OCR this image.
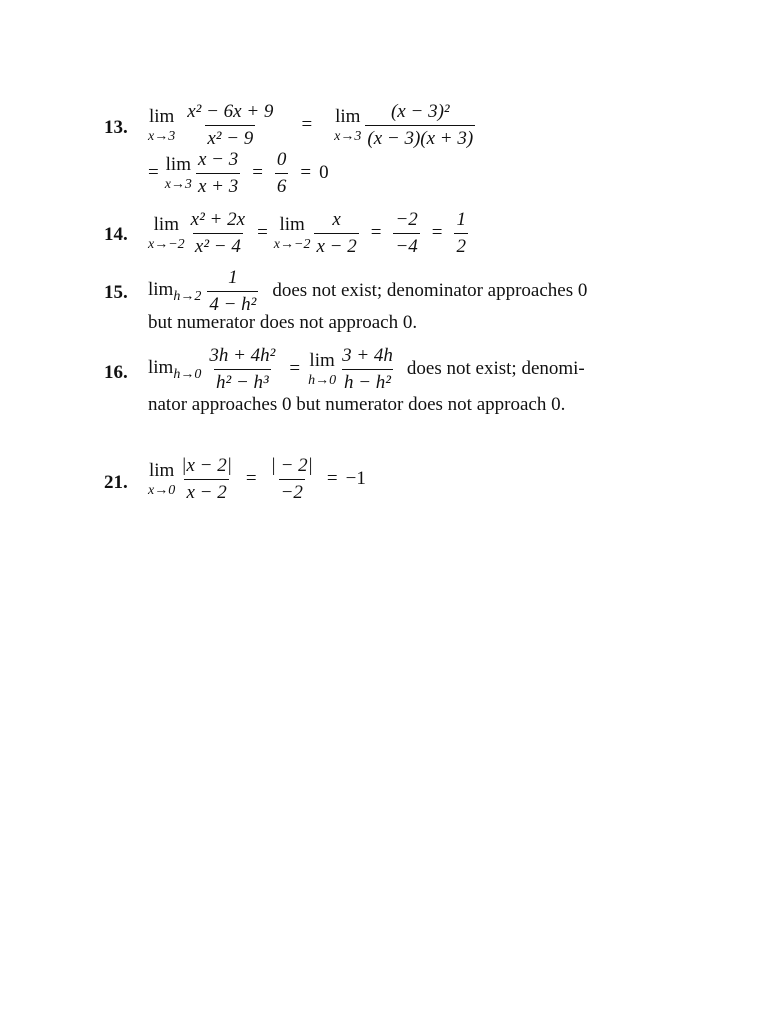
13.
lim
$x\to 3 \frac{\text{x² − 6x + 9}}{\text{x² − 9}} = \lim$
$x\to 3 \frac{\text{(x − 3)²}}{(x - 3)(x + 3)}$
= lim
$x\to 3 \frac{x - 3}{x + 3} = \frac{0}{6} = 0$
14. lim
$x\to-2 \frac{\text{x² + 2x}}{\text{x² − 4}} = \lim$
$x\to-2 \frac{x}{x - 2} = \frac{-2}{-4} = \frac{1}{2}$
15. $\lim_{h\to 2} \frac{1}{\text{4 − h²}}$ does not exist; denominator approaches 0
but numerator does not approach 0.
16. $\lim_{h\to 0} \frac{\text{3h + 4h²}}{\text{h² − h³}} = \lim$
$h\to 0 \frac{3 + 4h}{\text{h − h²}}$ does not exist; denomi-
nator approaches 0 but numerator does not approach 0.
21.
lim
$x\to 0 \frac{|x - 2|}{x - 2} = \frac{| - 2|}{-2} = -1$
